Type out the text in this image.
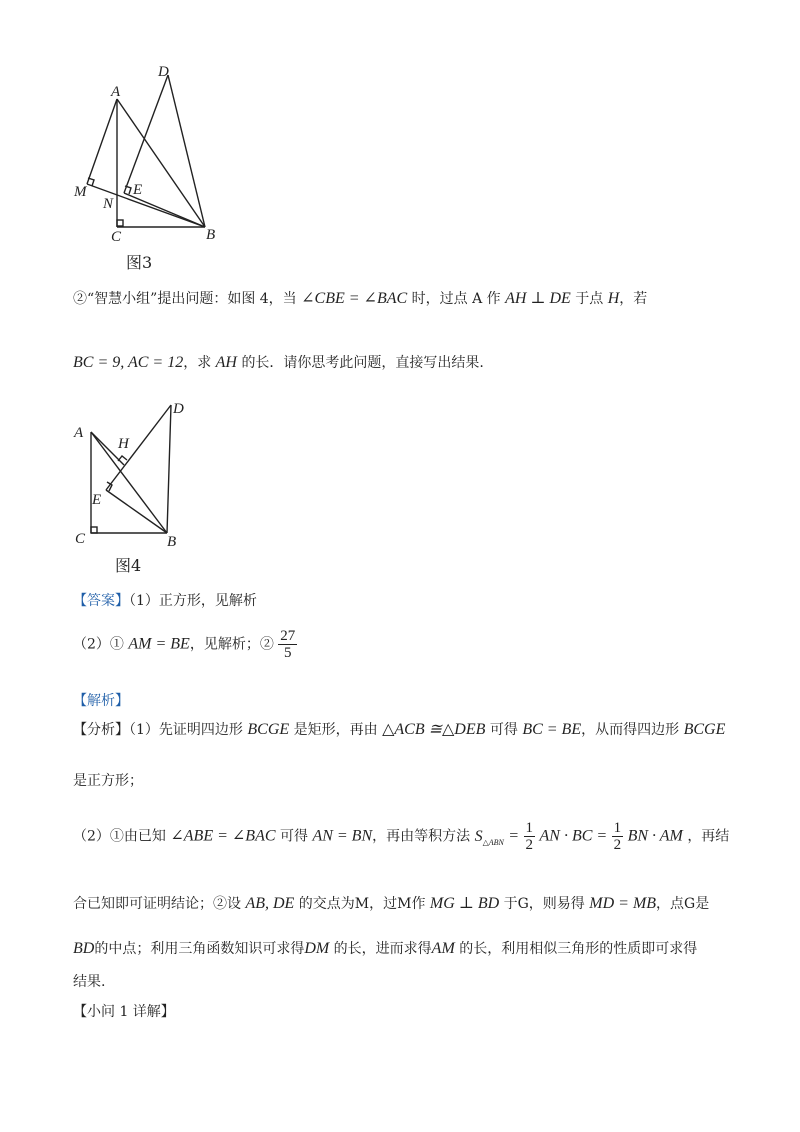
A
D
M	E
N
C	B
图3
②“智慧小组”提出问题：如图 4，当 ∠CBE = ∠BAC 时，过点 A 作 AH ⊥ DE 于点 H，若
BC = 9, AC = 12，求 AH 的长．请你思考此问题，直接写出结果.
A
D
H
E
C	B
图4
【答案】（1）正方形，见解析
（2）① AM = BE，见解析；② $\frac{27}{5}$
【解析】
【分析】（1）先证明四边形 BCGE 是矩形，再由 △ACB ≅△DEB 可得 BC = BE，从而得四边形 BCGE
是正方形；
（2）①由已知 ∠ABE = ∠BAC 可得 AN = BN，再由等积方法 $S_{\triangle ABN} = \frac{1}{2}$ AN · BC = $\frac{1}{2}$ BN · AM ，再结
合已知即可证明结论；②设 AB, DE 的交点为M，过M作 MG ⊥ BD 于G，则易得 MD = MB，点G是
BD的中点；利用三角函数知识可求得DM 的长，进而求得AM 的长，利用相似三角形的性质即可求得
结果.
【小问 1 详解】
